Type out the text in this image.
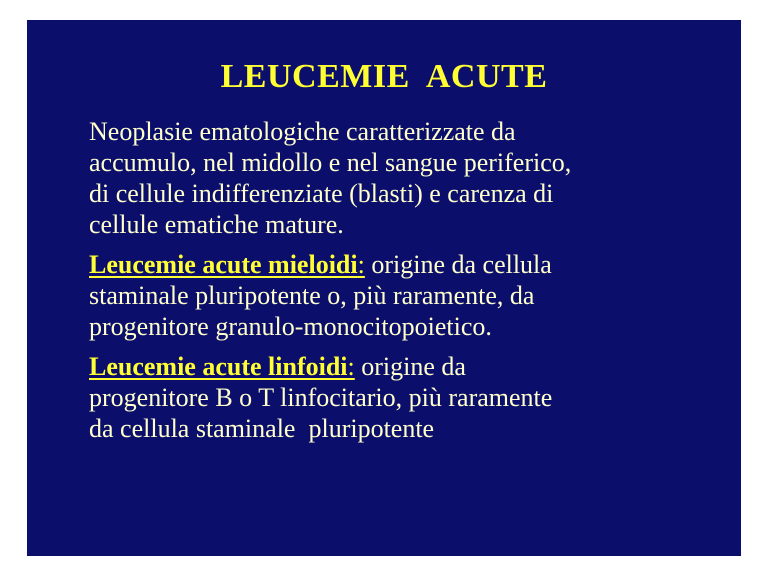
LEUCEMIE  ACUTE

Neoplasie ematologiche caratterizzate da
accumulo, nel midollo e nel sangue periferico,
di cellule indifferenziate (blasti) e carenza di
cellule ematiche mature.

Leucemie acute mieloidi: origine da cellula
staminale pluripotente o, più raramente, da
progenitore granulo-monocitopoietico.

Leucemie acute linfoidi: origine da
progenitore B o T linfocitario, più raramente
da cellula staminale  pluripotente
